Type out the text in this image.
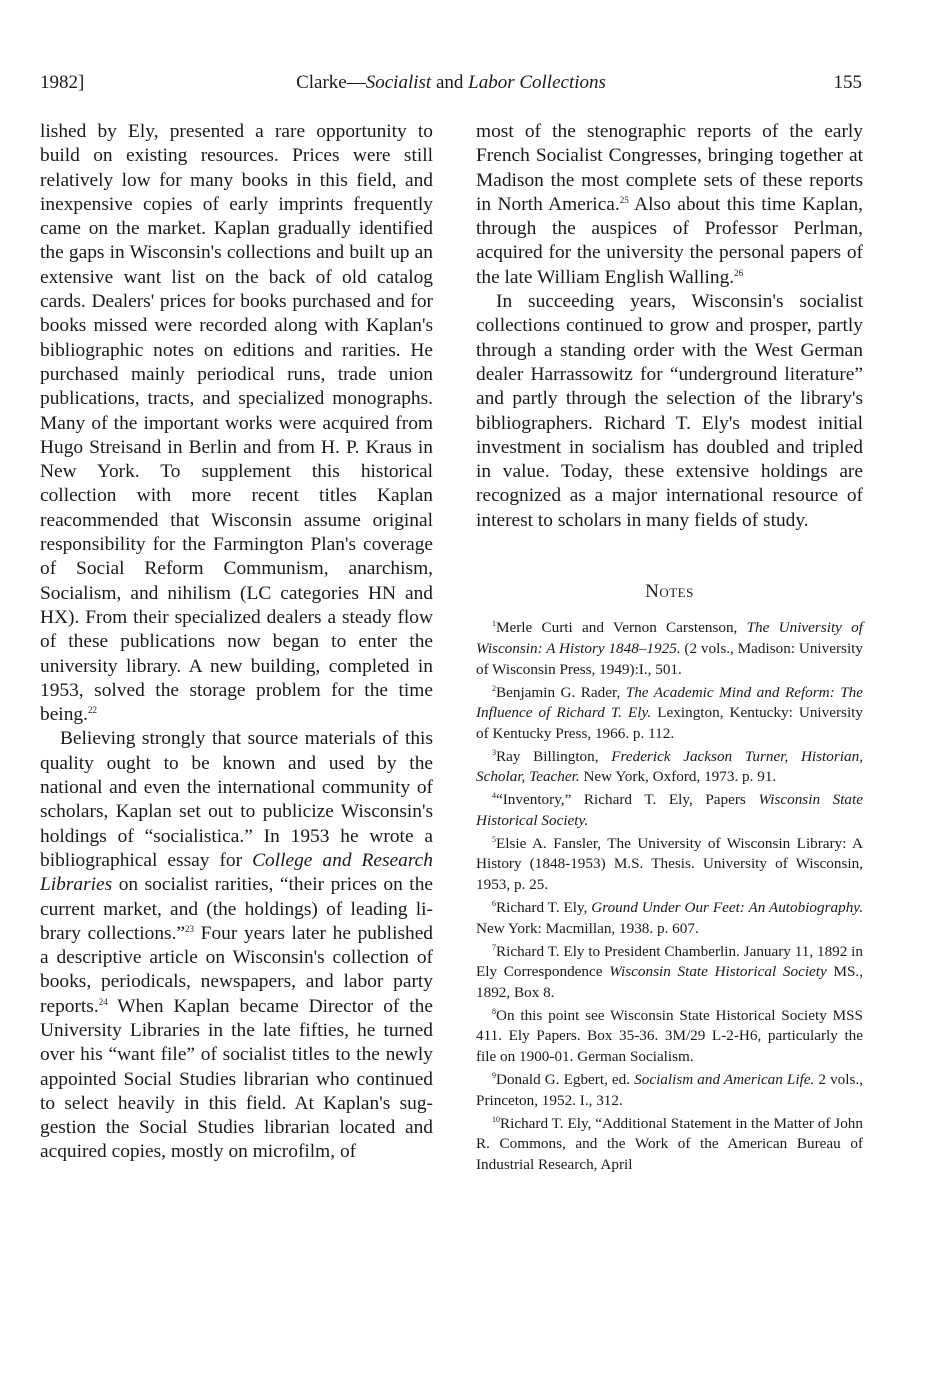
1982]	Clarke—Socialist and Labor Collections	155

lished by Ely, presented a rare opportunity to build on existing resources. Prices were still relatively low for many books in this field, and inexpensive copies of early imprints frequently came on the market. Kaplan gradually identified the gaps in Wisconsin's collections and built up an extensive want list on the back of old catalog cards. Dealers' prices for books purchased and for books missed were recorded along with Kaplan's bibliographic notes on editions and rarities. He purchased mainly periodical runs, trade union publications, tracts, and specialized monographs. Many of the important works were acquired from Hugo Streisand in Berlin and from H. P. Kraus in New York. To supplement this historical collection with more recent titles Kaplan reacommended that Wisconsin assume original responsibility for the Farmington Plan's coverage of Social Reform Communism, anarchism, Socialism, and nihilism (LC categories HN and HX). From their specialized dealers a steady flow of these publications now began to enter the university library. A new building, completed in 1953, solved the storage problem for the time being.$^{22}$

Believing strongly that source materials of this quality ought to be known and used by the national and even the international community of scholars, Kaplan set out to publicize Wisconsin's holdings of “socialistica.” In 1953 he wrote a bibliographical essay for College and Research Libraries on socialist rarities, “their prices on the current market, and (the holdings) of leading library collections.”$^{23}$ Four years later he published a descriptive article on Wisconsin's collection of books, periodicals, newspapers, and labor party reports.$^{24}$ When Kaplan became Director of the University Libraries in the late fifties, he turned over his “want file” of socialist titles to the newly appointed Social Studies librarian who continued to select heavily in this field. At Kaplan's suggestion the Social Studies librarian located and acquired copies, mostly on microfilm, of

most of the stenographic reports of the early French Socialist Congresses, bringing together at Madison the most complete sets of these reports in North America.$^{25}$ Also about this time Kaplan, through the auspices of Professor Perlman, acquired for the university the personal papers of the late William English Walling.$^{26}$

In succeeding years, Wisconsin's socialist collections continued to grow and prosper, partly through a standing order with the West German dealer Harrassowitz for “underground literature” and partly through the selection of the library's bibliographers. Richard T. Ely's modest initial investment in socialism has doubled and tripled in value. Today, these extensive holdings are recognized as a major international resource of interest to scholars in many fields of study.

Notes

$^1$Merle Curti and Vernon Carstenson, The University of Wisconsin: A History 1848–1925. (2 vols., Madison: University of Wisconsin Press, 1949):I., 501.

$^2$Benjamin G. Rader, The Academic Mind and Reform: The Influence of Richard T. Ely. Lexington, Kentucky: University of Kentucky Press, 1966. p. 112.

$^3$Ray Billington, Frederick Jackson Turner, Historian, Scholar, Teacher. New York, Oxford, 1973. p. 91.

$^4$“Inventory,” Richard T. Ely, Papers Wisconsin State Historical Society.

$^5$Elsie A. Fansler, The University of Wisconsin Library: A History (1848-1953) M.S. Thesis. University of Wisconsin, 1953, p. 25.

$^6$Richard T. Ely, Ground Under Our Feet: An Autobiography. New York: Macmillan, 1938. p. 607.

$^7$Richard T. Ely to President Chamberlin. January 11, 1892 in Ely Correspondence Wisconsin State Historical Society MS., 1892, Box 8.

$^8$On this point see Wisconsin State Historical Society MSS 411. Ely Papers. Box 35-36. 3M/29 L-2-H6, particularly the file on 1900-01. German Socialism.

$^9$Donald G. Egbert, ed. Socialism and American Life. 2 vols., Princeton, 1952. I., 312.

$^{10}$Richard T. Ely, “Additional Statement in the Matter of John R. Commons, and the Work of the American Bureau of Industrial Research, April
